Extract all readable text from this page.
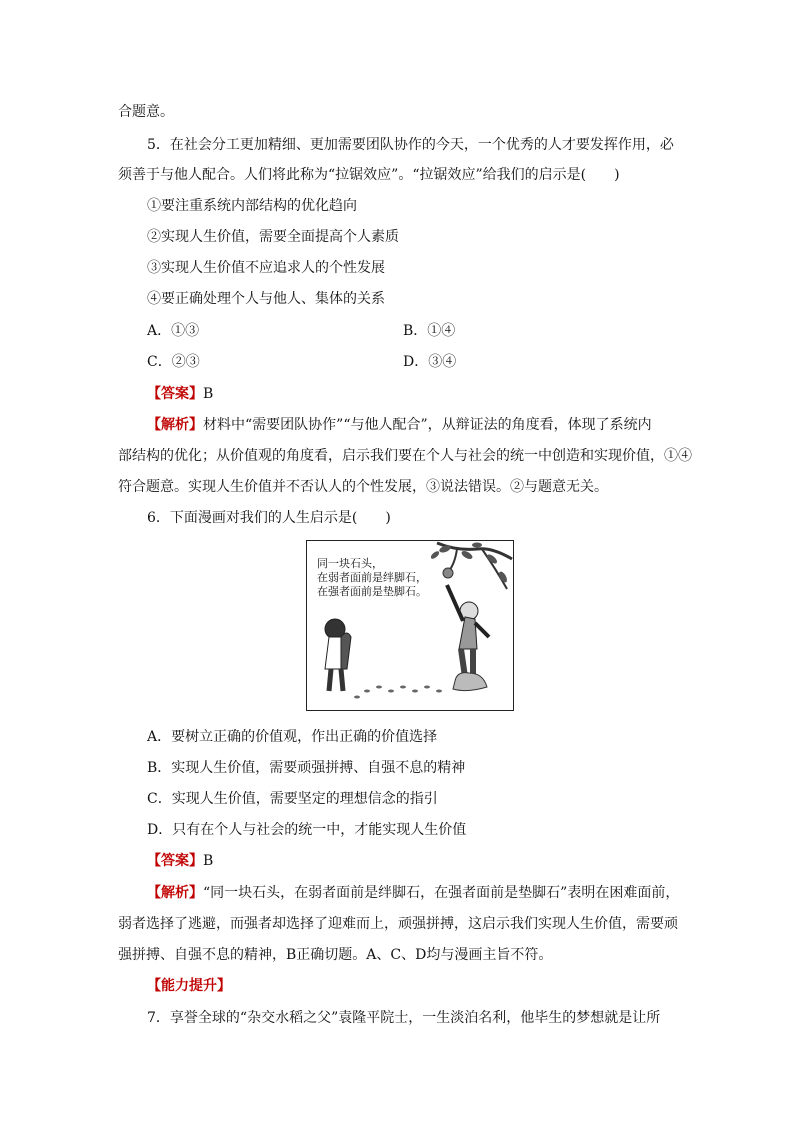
合题意。
5．在社会分工更加精细、更加需要团队协作的今天，一个优秀的人才要发挥作用，必
须善于与他人配合。人们将此称为“拉锯效应”。“拉锯效应”给我们的启示是(　　)
①要注重系统内部结构的优化趋向
②实现人生价值，需要全面提高个人素质
③实现人生价值不应追求人的个性发展
④要正确处理个人与他人、集体的关系
A．①③	B．①④
C．②③	D．③④
【答案】B
【解析】材料中“需要团队协作”“与他人配合”，从辩证法的角度看，体现了系统内
部结构的优化；从价值观的角度看，启示我们要在个人与社会的统一中创造和实现价值，①④
符合题意。实现人生价值并不否认人的个性发展，③说法错误。②与题意无关。
6．下面漫画对我们的人生启示是(　　)
同一块石头，
在弱者面前是绊脚石，
在强者面前是垫脚石。
A．要树立正确的价值观，作出正确的价值选择
B．实现人生价值，需要顽强拼搏、自强不息的精神
C．实现人生价值，需要坚定的理想信念的指引
D．只有在个人与社会的统一中，才能实现人生价值
【答案】B
【解析】“同一块石头，在弱者面前是绊脚石，在强者面前是垫脚石”表明在困难面前，
弱者选择了逃避，而强者却选择了迎难而上，顽强拼搏，这启示我们实现人生价值，需要顽
强拼搏、自强不息的精神，B正确切题。A、C、D均与漫画主旨不符。
【能力提升】
7．享誉全球的“杂交水稻之父”袁隆平院士，一生淡泊名利，他毕生的梦想就是让所
